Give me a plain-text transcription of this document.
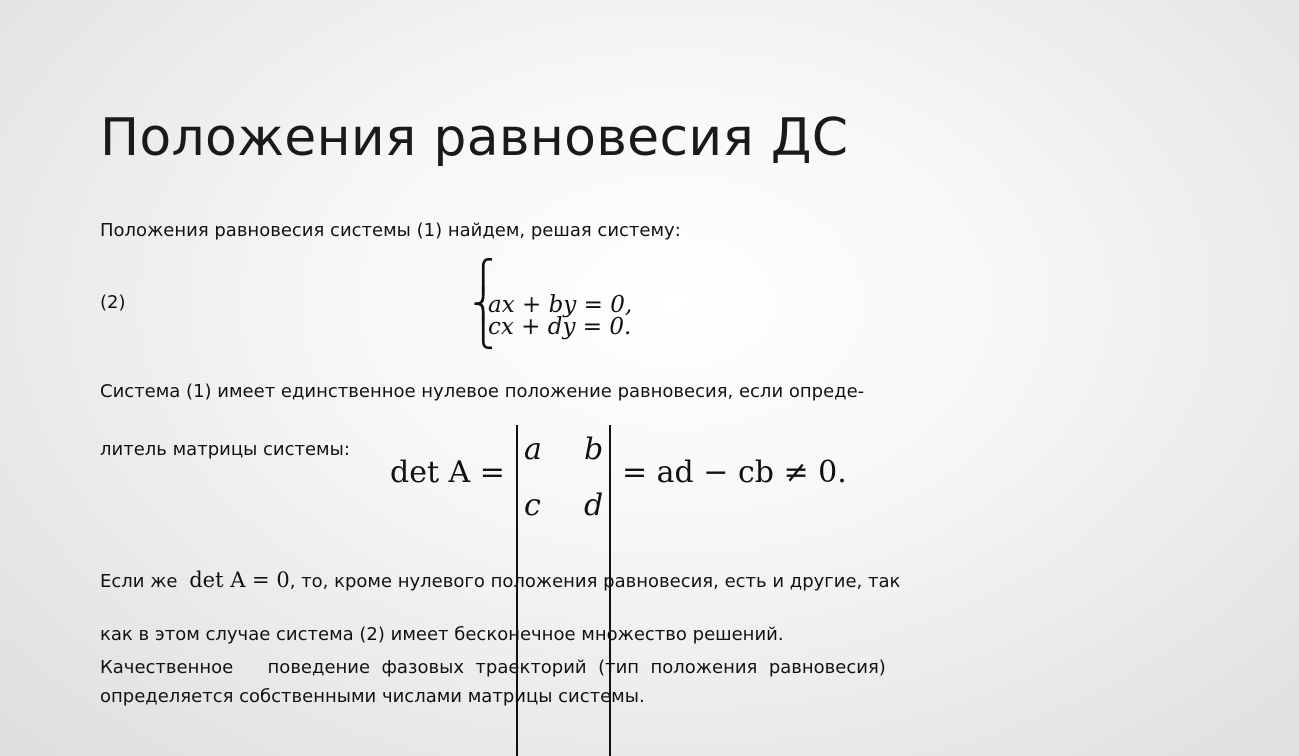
Положения равновесия ДС
Положения равновесия системы (1) найдем, решая систему:
(2)
⎧
⎨
⎩
ax + by = 0,
cx + dy = 0.
Система (1) имеет единственное нулевое положение равновесия, если опреде-
литель матрицы системы:
det A =
a b
c d
= ad − cb ≠ 0.
Если же det A = 0, то, кроме нулевого положения равновесия, есть и другие, так
как в этом случае система (2) имеет бесконечное множество решений.
Качественное      поведение  фазовых  траекторий  (тип  положения  равновесия)
определяется собственными числами матрицы системы.
